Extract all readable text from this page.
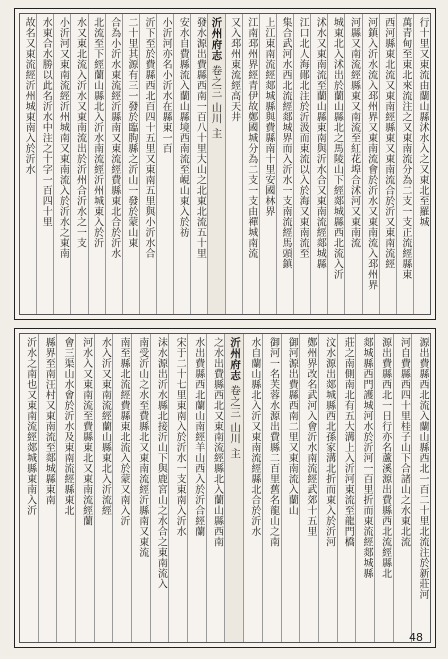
行十里又東流由蘭山縣沭水入之又東北至羅城
萬青甸至東北來流注之又東南流分為二支一支正流經縣東
西河縣東北流又東南經縣東又東南流合於沂又東南流經
河鎮入沂水流入邳州界又東南流會於沂水又東南流入邳州界
河縣又南流經縣東又南流至紅花埠合沭河又東南流
城東北入沭出於蘭山縣北之馬陵山下經郯城縣西北流入沂
沭水又東南流至蘭山縣東南與沂水合又東南流經郯城縣
江口北人海鄖北注於沂汲而東流以入於海又東南流至
集合武河水西北流經郯城界而入沂水一支南流經馬頭鎮
上江東南流經郯城縣與費縣南十里安國林界
江南邳州界經青伊故鄭國城分為二支一支由禪城南流
又入邳州東流經高天井
沂州府志 卷之三 山川 主
發水源出費縣西南一百八十里大山之北東北流五十里
安水自費縣流入蘭山縣境西南流至峴山東入於祊
小沂河亦名小沂水在縣東一百
沂下至於費縣西北百四十五里又東南五里與小沂水合
二十里其源有三一發於臨朐縣之沂山一發於蒙山東
合為小沂水東流經沂縣南又東流經費縣東北合於沂水
北流至下經蘭山縣北入沂水南流經沂州城東入於沂
水又東北流入沂水又東南流出於沂州合沂水之一支
小沂河又東南流經沂州城南又東南流入於沂水之東南
水東合水勝以此名沂水中注之十字一百四十里
故名又東流經沂州城東南入於沂水
源出費縣西北流入蘭山縣西北一百二十里北流注於新莊河
河自費縣西四十里桂子山下合諸山之水東北流
源出費縣西北一日行亦名蘆溪源出費縣西北流經縣北
郯城縣西門護城河水於沂河一百里折而東流經郯城縣
莊之南側南北有五大溝上入沂河東流至龍門橋
汶水源出郯城縣西北孫家溝北折而東入於沂河
鄭州界改名武河入會沂水南流經武郊十五里
御河源出費縣西南二里又東南流入蘭山
御河一名芙蓉水源出費縣二百里舊名龍山之南
水自蘭山縣北入沂又東南流經縣北合於沂水
沂州府志 卷之三 山川 主
之水出費縣西北又東南流經縣北入蘭山縣西南
水出費縣西北蘭山南經羊山西入於沂合經蘭
宋于二十七里東南入於沂水一支東南入沂水
沫水源出沂水縣北接沂山下與鹿宮山之水合之東南流入
南受沂山之水至費縣北又東南流經沂縣南又東流
南至縣北流經費縣東北流入於蒙又南入沂
水入沂又東南流經蘭山縣東北入沂流經
河水入又東南流至費縣東北又東南流經蘭
會三渠山水會於沂水及東南流經縣東北
縣界至南汪村又東南流至郯城縣東南
沂水之南也又東南流經郯城縣東南入沂
48
